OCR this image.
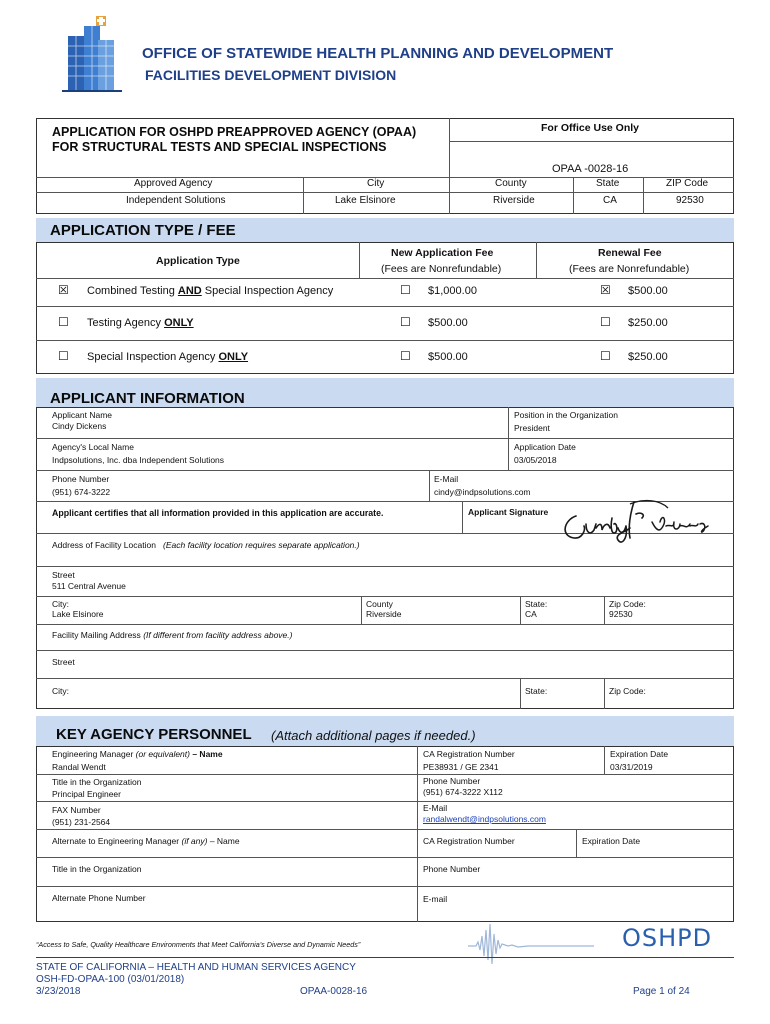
OFFICE OF STATEWIDE HEALTH PLANNING AND DEVELOPMENT
FACILITIES DEVELOPMENT DIVISION
APPLICATION FOR OSHPD PREAPPROVED AGENCY (OPAA)
FOR STRUCTURAL TESTS AND SPECIAL INSPECTIONS
For Office Use Only
OPAA -0028-16
Approved Agency	City	County	State	ZIP Code
Independent Solutions	Lake Elsinore	Riverside	CA	92530
APPLICATION TYPE / FEE
Application Type
New Application Fee
(Fees are Nonrefundable)
Renewal Fee
(Fees are Nonrefundable)
☒ Combined Testing AND Special Inspection Agency	☐ $1,000.00	☒ $500.00
☐ Testing Agency ONLY	☐ $500.00	☐ $250.00
☐ Special Inspection Agency ONLY	☐ $500.00	☐ $250.00
APPLICANT INFORMATION
Applicant Name
Cindy Dickens
Position in the Organization
President
Agency's Local Name
Indpsolutions, Inc. dba Independent Solutions
Application Date
03/05/2018
Phone Number
(951) 674-3222
E-Mail
cindy@indpsolutions.com
Applicant certifies that all information provided in this application are accurate.	Applicant Signature
Address of Facility Location (Each facility location requires separate application.)
Street
511 Central Avenue
City:
Lake Elsinore
County
Riverside
State:
CA
Zip Code:
92530
Facility Mailing Address (If different from facility address above.)
Street
City:	State:	Zip Code:
KEY AGENCY PERSONNEL (Attach additional pages if needed.)
Engineering Manager (or equivalent) – Name
Randal Wendt
CA Registration Number
PE38931 / GE 2341
Expiration Date
03/31/2019
Title in the Organization
Principal Engineer
Phone Number
(951) 674-3222 X112
FAX Number
(951) 231-2564
E-Mail
randalwendt@indpsolutions.com
Alternate to Engineering Manager (if any) – Name	CA Registration Number	Expiration Date
Title in the Organization	Phone Number
Alternate Phone Number	E-mail
“Access to Safe, Quality Healthcare Environments that Meet California’s Diverse and Dynamic Needs”	OSHPD
STATE OF CALIFORNIA – HEALTH AND HUMAN SERVICES AGENCY
OSH-FD-OPAA-100 (03/01/2018)
3/23/2018	OPAA-0028-16	Page 1 of 24
